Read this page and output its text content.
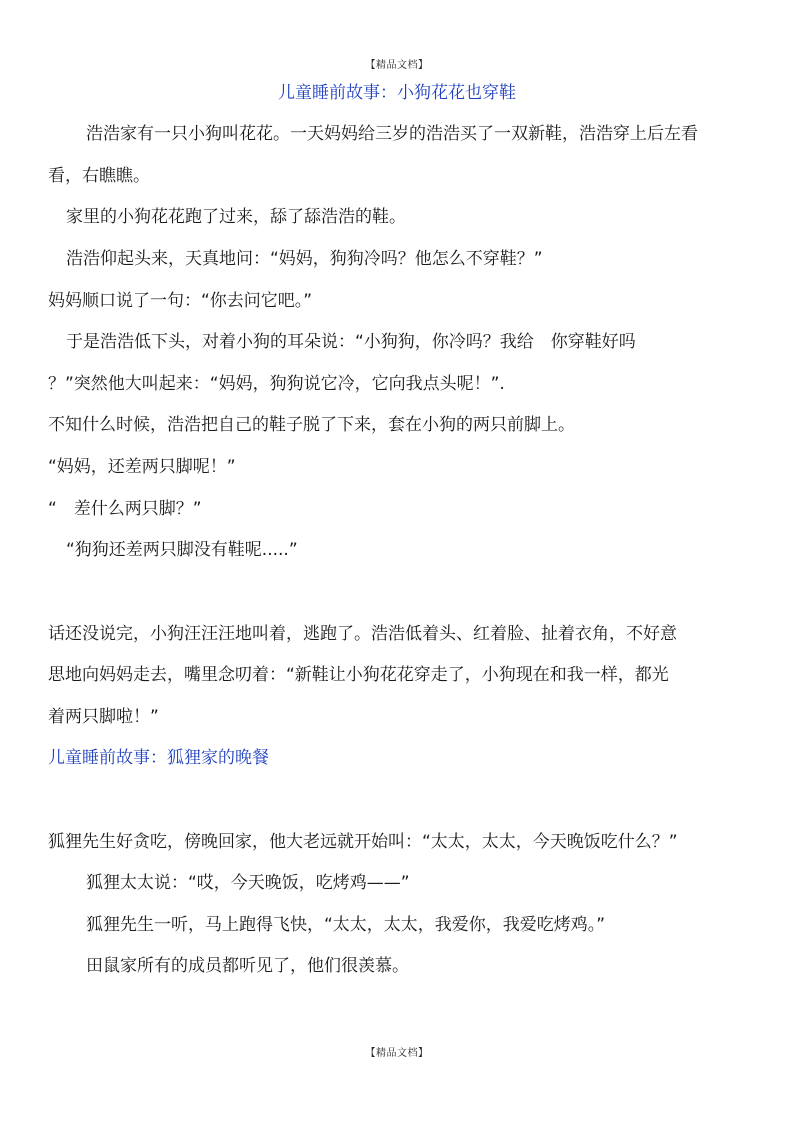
【精品文档】
儿童睡前故事：小狗花花也穿鞋
浩浩家有一只小狗叫花花。一天妈妈给三岁的浩浩买了一双新鞋，浩浩穿上后左看
看，右瞧瞧。
家里的小狗花花跑了过来，舔了舔浩浩的鞋。
浩浩仰起头来，天真地问：“妈妈，狗狗冷吗？他怎么不穿鞋？”
妈妈顺口说了一句：“你去问它吧。”
于是浩浩低下头，对着小狗的耳朵说：“小狗狗，你冷吗？我给　你穿鞋好吗
？”突然他大叫起来：“妈妈，狗狗说它冷，它向我点头呢！”.
不知什么时候，浩浩把自己的鞋子脱了下来，套在小狗的两只前脚上。
“妈妈，还差两只脚呢！”
“　差什么两只脚？”
“狗狗还差两只脚没有鞋呢.....”
话还没说完，小狗汪汪汪地叫着，逃跑了。浩浩低着头、红着脸、扯着衣角，不好意
思地向妈妈走去，嘴里念叨着：“新鞋让小狗花花穿走了，小狗现在和我一样，都光
着两只脚啦！”
儿童睡前故事：狐狸家的晚餐
狐狸先生好贪吃，傍晚回家，他大老远就开始叫：“太太，太太，今天晚饭吃什么？”
狐狸太太说：“哎，今天晚饭，吃烤鸡——”
狐狸先生一听，马上跑得飞快，“太太，太太，我爱你，我爱吃烤鸡。”
田鼠家所有的成员都听见了，他们很羡慕。
【精品文档】
